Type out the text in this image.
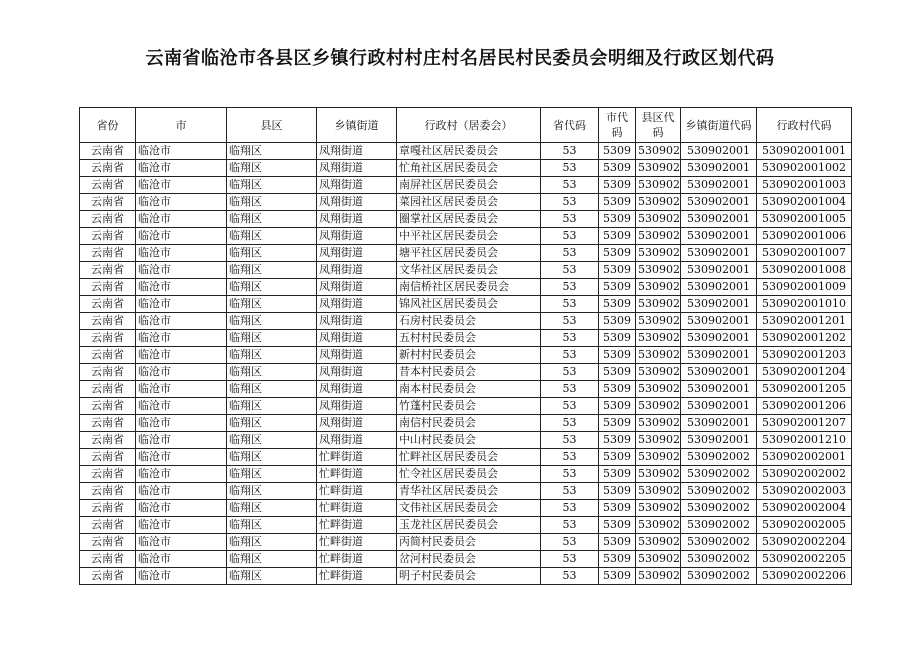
云南省临沧市各县区乡镇行政村村庄村名居民村民委员会明细及行政区划代码
省份	市	县区	乡镇街道	行政村（居委会）	省代码	市代码	县区代码	乡镇街道代码	行政村代码
云南省	临沧市	临翔区	凤翔街道	章嘎社区居民委员会	53	5309	530902	530902001	530902001001
云南省	临沧市	临翔区	凤翔街道	忙角社区居民委员会	53	5309	530902	530902001	530902001002
云南省	临沧市	临翔区	凤翔街道	南屏社区居民委员会	53	5309	530902	530902001	530902001003
云南省	临沧市	临翔区	凤翔街道	菜园社区居民委员会	53	5309	530902	530902001	530902001004
云南省	临沧市	临翔区	凤翔街道	圈掌社区居民委员会	53	5309	530902	530902001	530902001005
云南省	临沧市	临翔区	凤翔街道	中平社区居民委员会	53	5309	530902	530902001	530902001006
云南省	临沧市	临翔区	凤翔街道	塘平社区居民委员会	53	5309	530902	530902001	530902001007
云南省	临沧市	临翔区	凤翔街道	文华社区居民委员会	53	5309	530902	530902001	530902001008
云南省	临沧市	临翔区	凤翔街道	南信桥社区居民委员会	53	5309	530902	530902001	530902001009
云南省	临沧市	临翔区	凤翔街道	锦风社区居民委员会	53	5309	530902	530902001	530902001010
云南省	临沧市	临翔区	凤翔街道	石房村民委员会	53	5309	530902	530902001	530902001201
云南省	临沧市	临翔区	凤翔街道	五村村民委员会	53	5309	530902	530902001	530902001202
云南省	临沧市	临翔区	凤翔街道	新村村民委员会	53	5309	530902	530902001	530902001203
云南省	临沧市	临翔区	凤翔街道	昔本村民委员会	53	5309	530902	530902001	530902001204
云南省	临沧市	临翔区	凤翔街道	南本村民委员会	53	5309	530902	530902001	530902001205
云南省	临沧市	临翔区	凤翔街道	竹蓬村民委员会	53	5309	530902	530902001	530902001206
云南省	临沧市	临翔区	凤翔街道	南信村民委员会	53	5309	530902	530902001	530902001207
云南省	临沧市	临翔区	凤翔街道	中山村民委员会	53	5309	530902	530902001	530902001210
云南省	临沧市	临翔区	忙畔街道	忙畔社区居民委员会	53	5309	530902	530902002	530902002001
云南省	临沧市	临翔区	忙畔街道	忙令社区居民委员会	53	5309	530902	530902002	530902002002
云南省	临沧市	临翔区	忙畔街道	青华社区居民委员会	53	5309	530902	530902002	530902002003
云南省	临沧市	临翔区	忙畔街道	文伟社区居民委员会	53	5309	530902	530902002	530902002004
云南省	临沧市	临翔区	忙畔街道	玉龙社区居民委员会	53	5309	530902	530902002	530902002005
云南省	临沧市	临翔区	忙畔街道	丙简村民委员会	53	5309	530902	530902002	530902002204
云南省	临沧市	临翔区	忙畔街道	岔河村民委员会	53	5309	530902	530902002	530902002205
云南省	临沧市	临翔区	忙畔街道	明子村民委员会	53	5309	530902	530902002	530902002206
